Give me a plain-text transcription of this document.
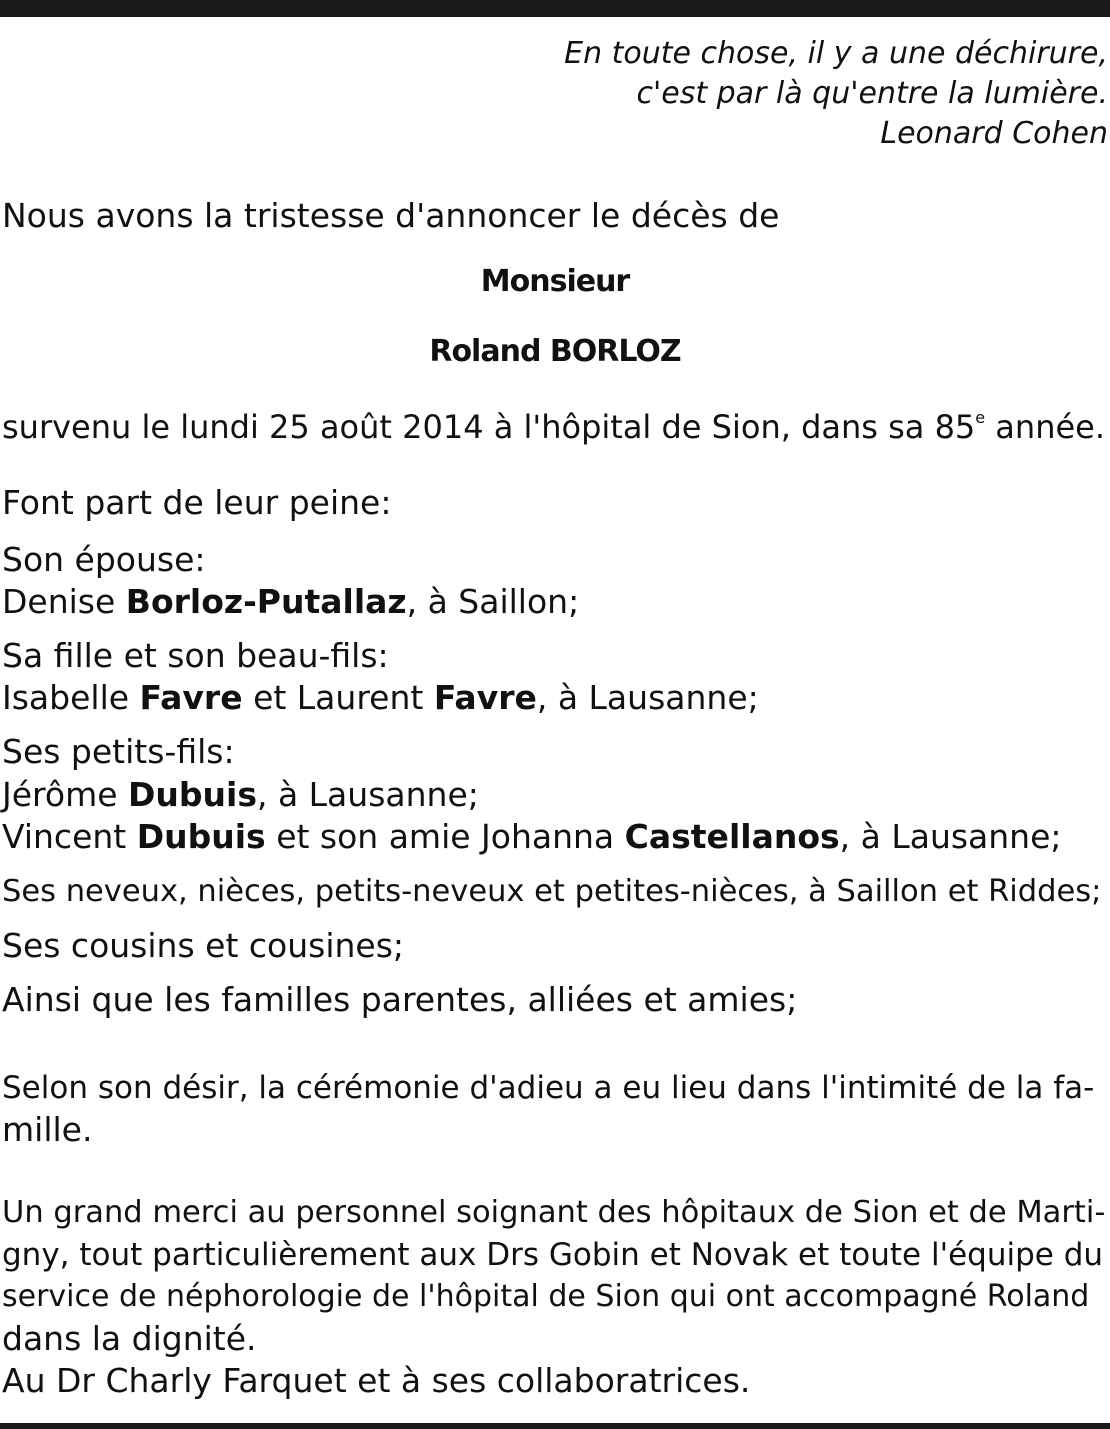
En toute chose, il y a une déchirure,
c'est par là qu'entre la lumière.
Leonard Cohen
Nous avons la tristesse d'annoncer le décès de
Monsieur
Roland BORLOZ
survenu le lundi 25 août 2014 à l'hôpital de Sion, dans sa 85e année.
Font part de leur peine:
Son épouse:
Denise Borloz-Putallaz, à Saillon;
Sa fille et son beau-fils:
Isabelle Favre et Laurent Favre, à Lausanne;
Ses petits-fils:
Jérôme Dubuis, à Lausanne;
Vincent Dubuis et son amie Johanna Castellanos, à Lausanne;
Ses neveux, nièces, petits-neveux et petites-nièces, à Saillon et Riddes;
Ses cousins et cousines;
Ainsi que les familles parentes, alliées et amies;
Selon son désir, la cérémonie d'adieu a eu lieu dans l'intimité de la fa-
mille.
Un grand merci au personnel soignant des hôpitaux de Sion et de Marti-
gny, tout particulièrement aux Drs Gobin et Novak et toute l'équipe du
service de néphorologie de l'hôpital de Sion qui ont accompagné Roland
dans la dignité.
Au Dr Charly Farquet et à ses collaboratrices.
